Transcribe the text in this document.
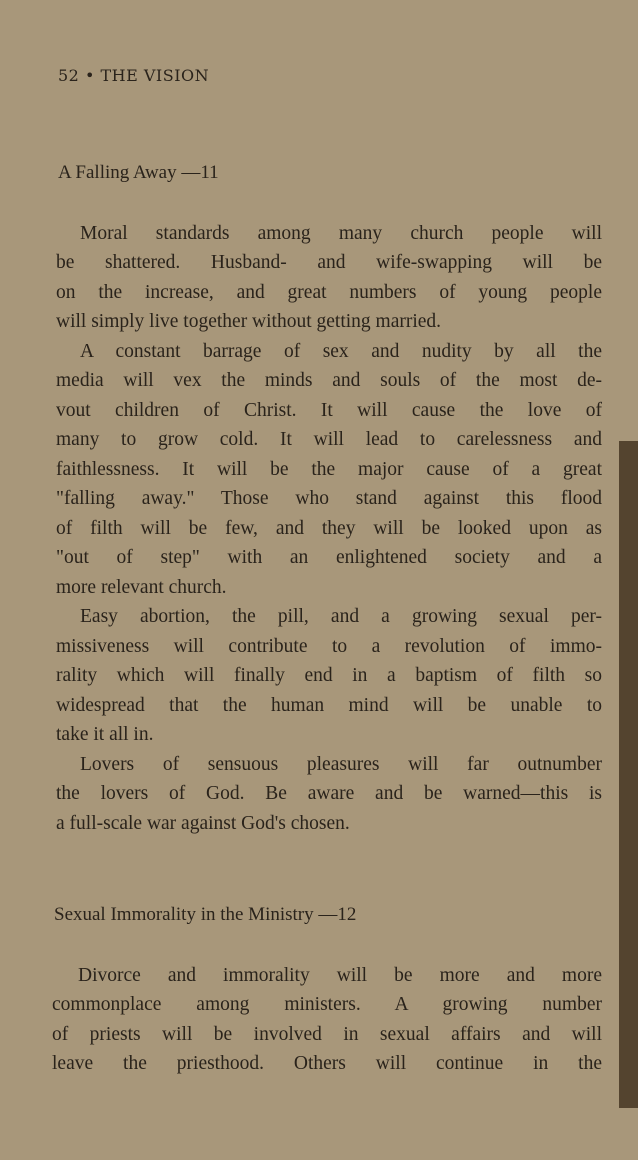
52 • THE VISION
A Falling Away —11
Moral standards among many church people will
be shattered. Husband- and wife-swapping will be
on the increase, and great numbers of young people
will simply live together without getting married.
A constant barrage of sex and nudity by all the
media will vex the minds and souls of the most de-
vout children of Christ. It will cause the love of
many to grow cold. It will lead to carelessness and
faithlessness. It will be the major cause of a great
"falling away." Those who stand against this flood
of filth will be few, and they will be looked upon as
"out of step" with an enlightened society and a
more relevant church.
Easy abortion, the pill, and a growing sexual per-
missiveness will contribute to a revolution of immo-
rality which will finally end in a baptism of filth so
widespread that the human mind will be unable to
take it all in.
Lovers of sensuous pleasures will far outnumber
the lovers of God. Be aware and be warned—this is
a full-scale war against God's chosen.
Sexual Immorality in the Ministry —12
Divorce and immorality will be more and more
commonplace among ministers. A growing number
of priests will be involved in sexual affairs and will
leave the priesthood. Others will continue in the
